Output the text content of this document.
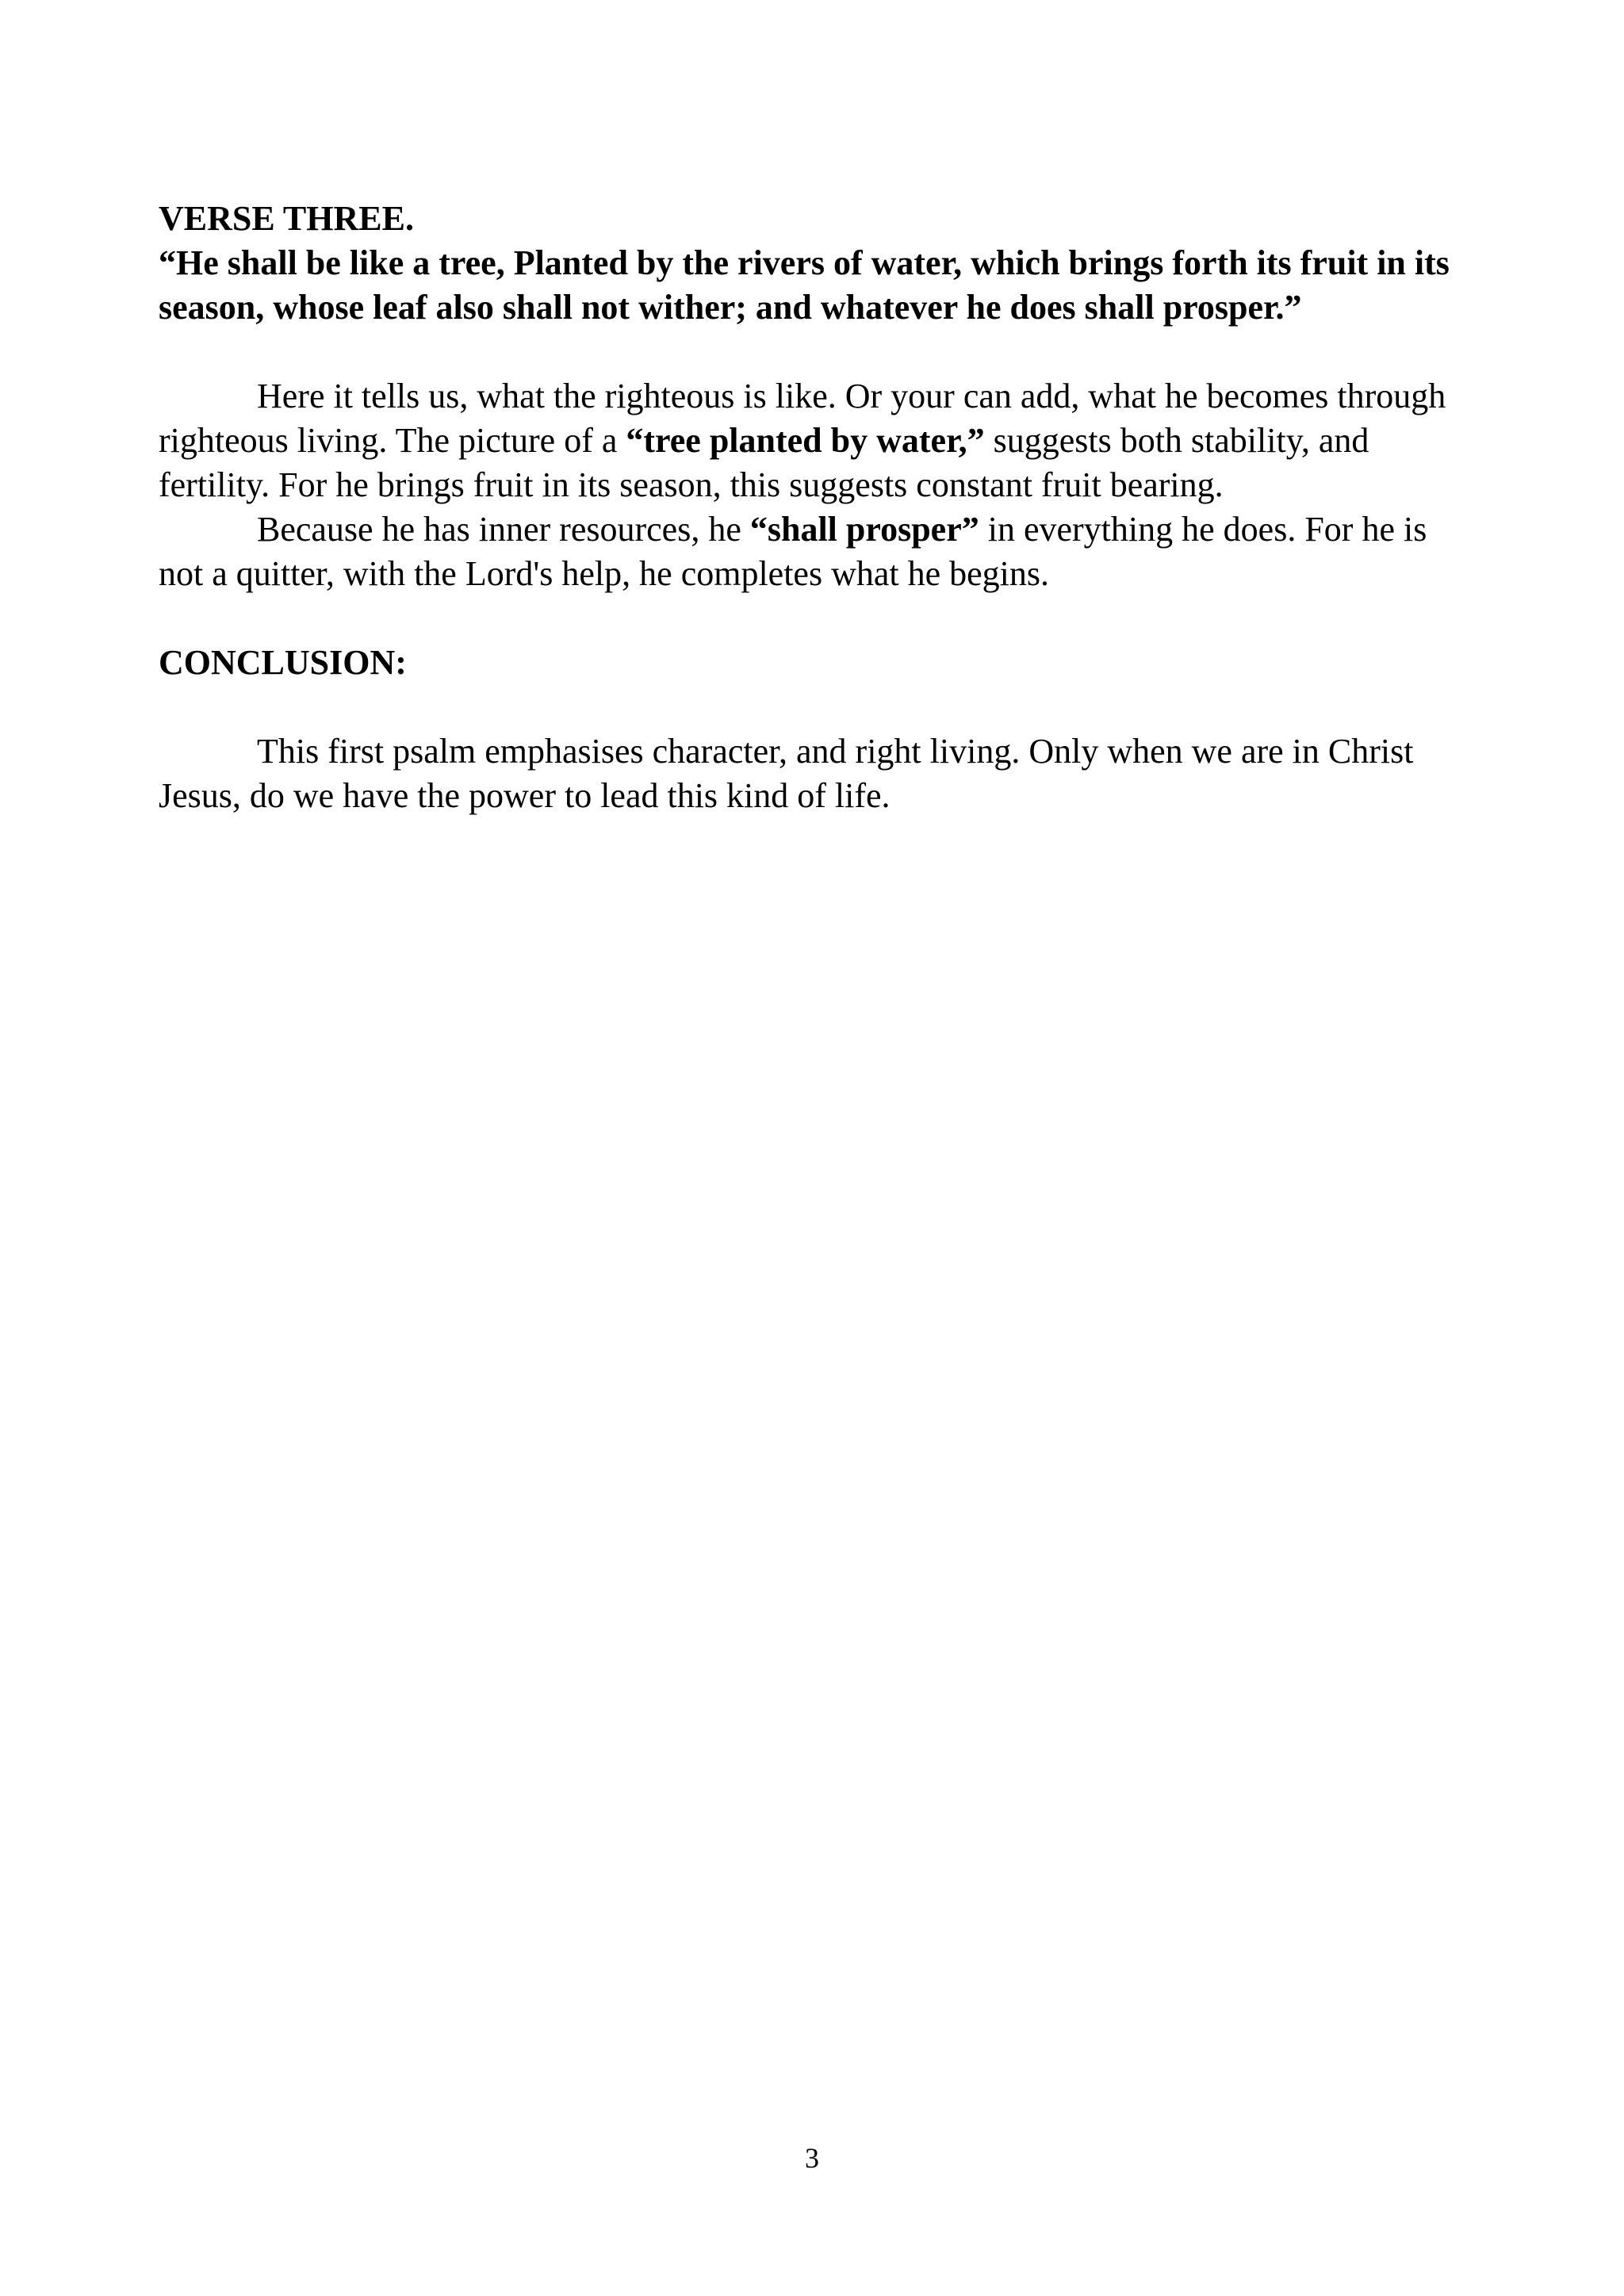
VERSE THREE.

“He shall be like a tree, Planted by the rivers of water, which brings forth its fruit in its season, whose leaf also shall not wither; and whatever he does shall prosper.”

Here it tells us, what the righteous is like. Or your can add, what he becomes through righteous living. The picture of a “tree planted by water,” suggests both stability, and fertility. For he brings fruit in its season, this suggests constant fruit bearing.

Because he has inner resources, he “shall prosper” in everything he does. For he is not a quitter, with the Lord's help, he completes what he begins.

CONCLUSION:

This first psalm emphasises character, and right living. Only when we are in Christ Jesus, do we have the power to lead this kind of life.

3
